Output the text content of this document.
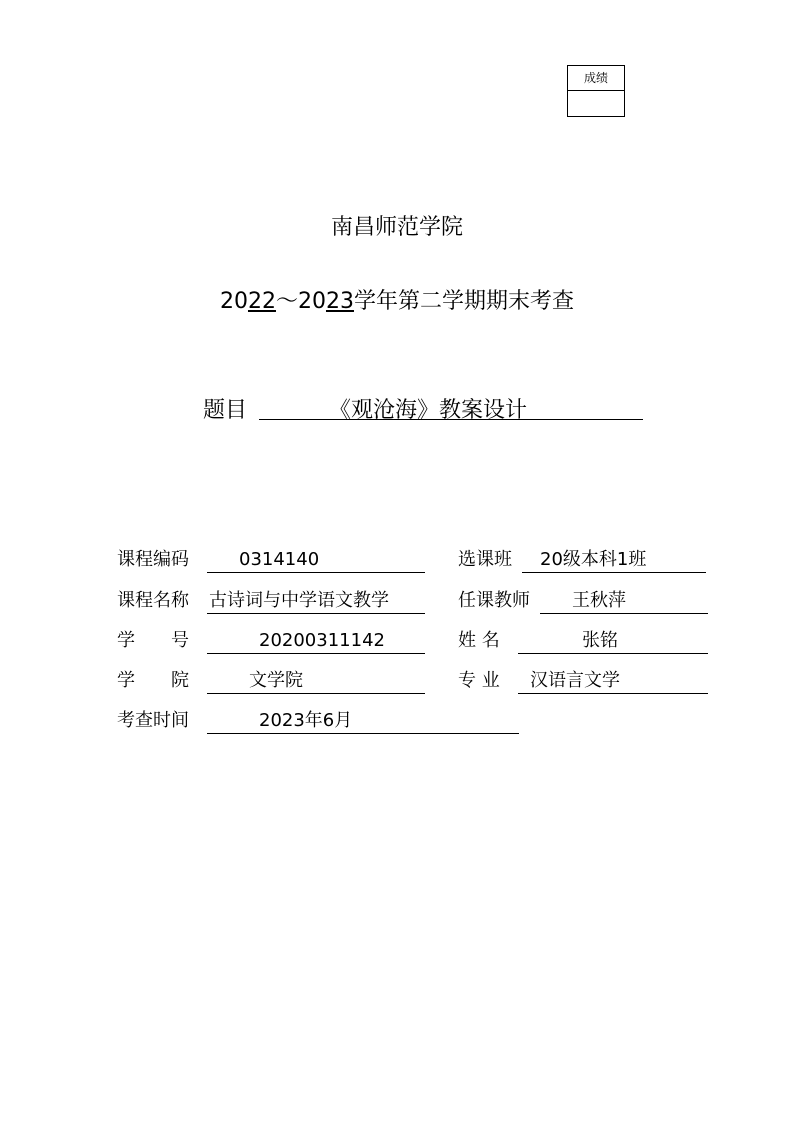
成绩
南昌师范学院
2022～2023学年第二学期期末考查
题目	《观沧海》教案设计
课程编码	0314140	选课班 20级本科1班
课程名称 古诗词与中学语文教学	任课教师 王秋萍
学　　号	20200311142	姓 名	张铭
学　　院	文学院	专 业 汉语言文学
考查时间	2023年6月
